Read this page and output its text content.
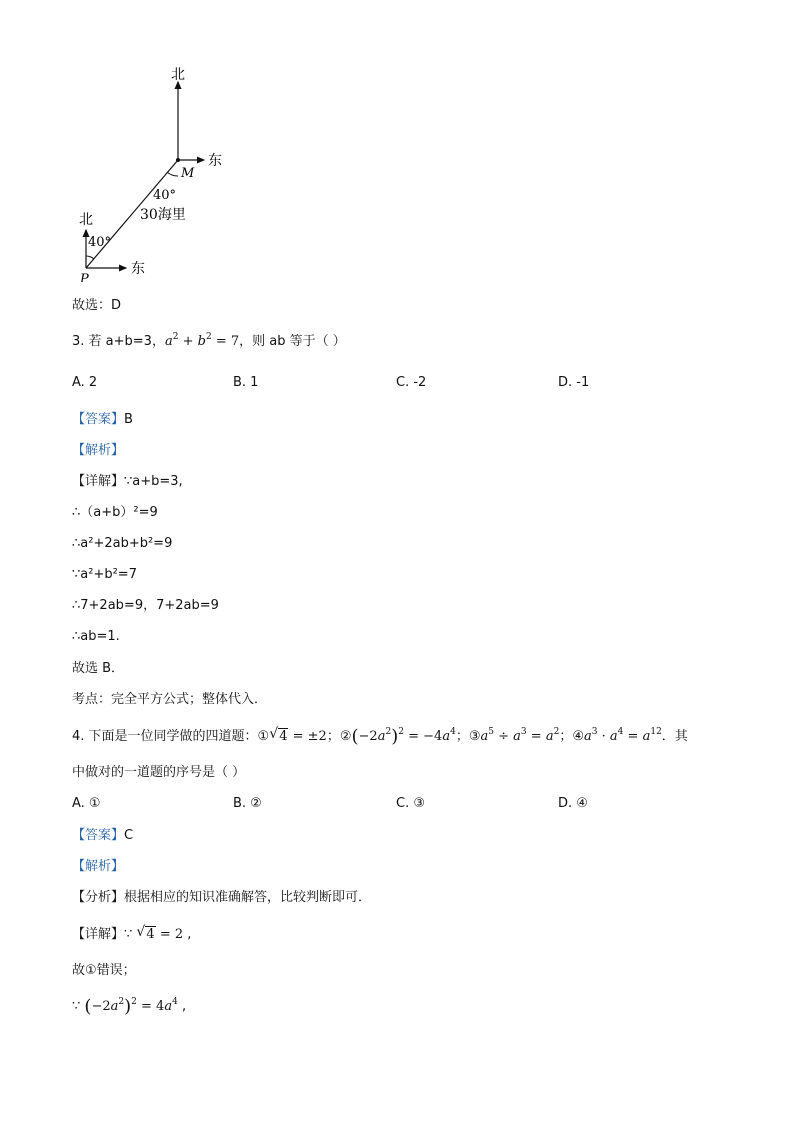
北
东
M
40°
30海里
北
40°
P
东
故选：D
3. 若 a+b=3，$a^2 + b^2 = 7$，则 ab 等于（ ）
A. 2	B. 1	C. -2	D. -1
【答案】B
【解析】
【详解】∵a+b=3,
∴（a+b）²=9
∴a²+2ab+b²=9
∵a²+b²=7
∴7+2ab=9，7+2ab=9
∴ab=1.
故选 B．
考点：完全平方公式；整体代入．
4. 下面是一位同学做的四道题：① √ 4 = ±2；$②(-2a^2)^2 = -4a^4$；$③a^5 \div a^3 = a^2$；$④a^3 \cdot a^4 = a^{12}$．其
中做对的一道题的序号是（ ）
A. ①	B. ②	C. ③	D. ④
【答案】C
【解析】
【分析】根据相应的知识准确解答，比较判断即可．
【详解】∵ √ 4 = 2 ,
故①错误；
∵ $(-2a^2)^2 = 4a^4$ ,
